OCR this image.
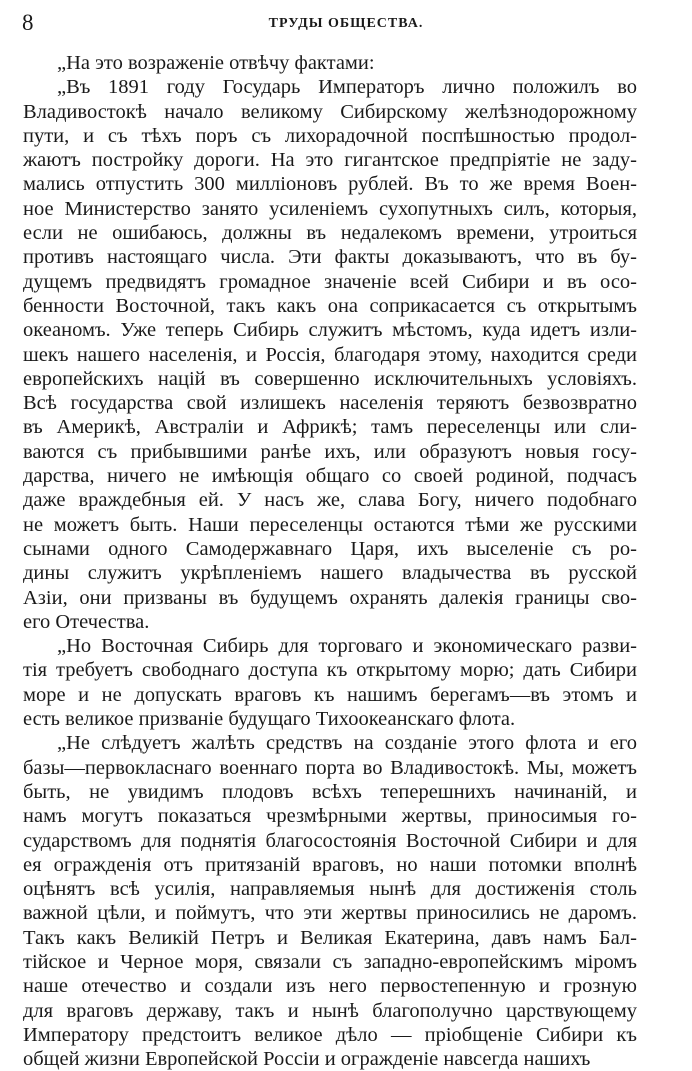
8	ТРУДЫ ОБЩЕСТВА.
„На это возраженіе отвѣчу фактами:
„Въ 1891 году Государь Императоръ лично положилъ во
Владивостокѣ начало великому Сибирскому желѣзнодорожному
пути, и съ тѣхъ поръ съ лихорадочной поспѣшностью продол-
жаютъ постройку дороги. На это гигантское предпріятіе не заду-
мались отпустить 300 милліоновъ рублей. Въ то же время Воен-
ное Министерство занято усиленіемъ сухопутныхъ силъ, которыя,
если не ошибаюсь, должны въ недалекомъ времени, утроиться
противъ настоящаго числа. Эти факты доказываютъ, что въ бу-
дущемъ предвидятъ громадное значеніе всей Сибири и въ осо-
бенности Восточной, такъ какъ она соприкасается съ открытымъ
океаномъ. Уже теперь Сибирь служитъ мѣстомъ, куда идетъ изли-
шекъ нашего населенія, и Россія, благодаря этому, находится среди
европейскихъ націй въ совершенно исключительныхъ условіяхъ.
Всѣ государства свой излишекъ населенія теряютъ безвозвратно
въ Америкѣ, Австраліи и Африкѣ; тамъ переселенцы или сли-
ваются съ прибывшими ранѣе ихъ, или образуютъ новыя госу-
дарства, ничего не имѣющія общаго со своей родиной, подчасъ
даже враждебныя ей. У насъ же, слава Богу, ничего подобнаго
не можетъ быть. Наши переселенцы остаются тѣми же русскими
сынами одного Самодержавнаго Царя, ихъ выселеніе съ ро-
дины служитъ укрѣпленіемъ нашего владычества въ русской
Азіи, они призваны въ будущемъ охранять далекія границы сво-
его Отечества.
„Но Восточная Сибирь для торговаго и экономическаго разви-
тія требуетъ свободнаго доступа къ открытому морю; дать Сибири
море и не допускать враговъ къ нашимъ берегамъ—въ этомъ и
есть великое призваніе будущаго Тихоокеанскаго флота.
„Не слѣдуетъ жалѣть средствъ на созданіе этого флота и его
базы—первокласнаго военнаго порта во Владивостокѣ. Мы, можетъ
быть, не увидимъ плодовъ всѣхъ теперешнихъ начинаній, и
намъ могутъ показаться чрезмѣрными жертвы, приносимыя го-
сударствомъ для поднятія благосостоянія Восточной Сибири и для
ея огражденія отъ притязаній враговъ, но наши потомки вполнѣ
оцѣнятъ всѣ усилія, направляемыя нынѣ для достиженія столь
важной цѣли, и поймутъ, что эти жертвы приносились не даромъ.
Такъ какъ Великій Петръ и Великая Екатерина, давъ намъ Бал-
тійское и Черное моря, связали съ западно-европейскимъ міромъ
наше отечество и создали изъ него первостепенную и грозную
для враговъ державу, такъ и нынѣ благополучно царствующему
Императору предстоитъ великое дѣло — пріобщеніе Сибири къ
общей жизни Европейской Россіи и огражденіе навсегда нашихъ
